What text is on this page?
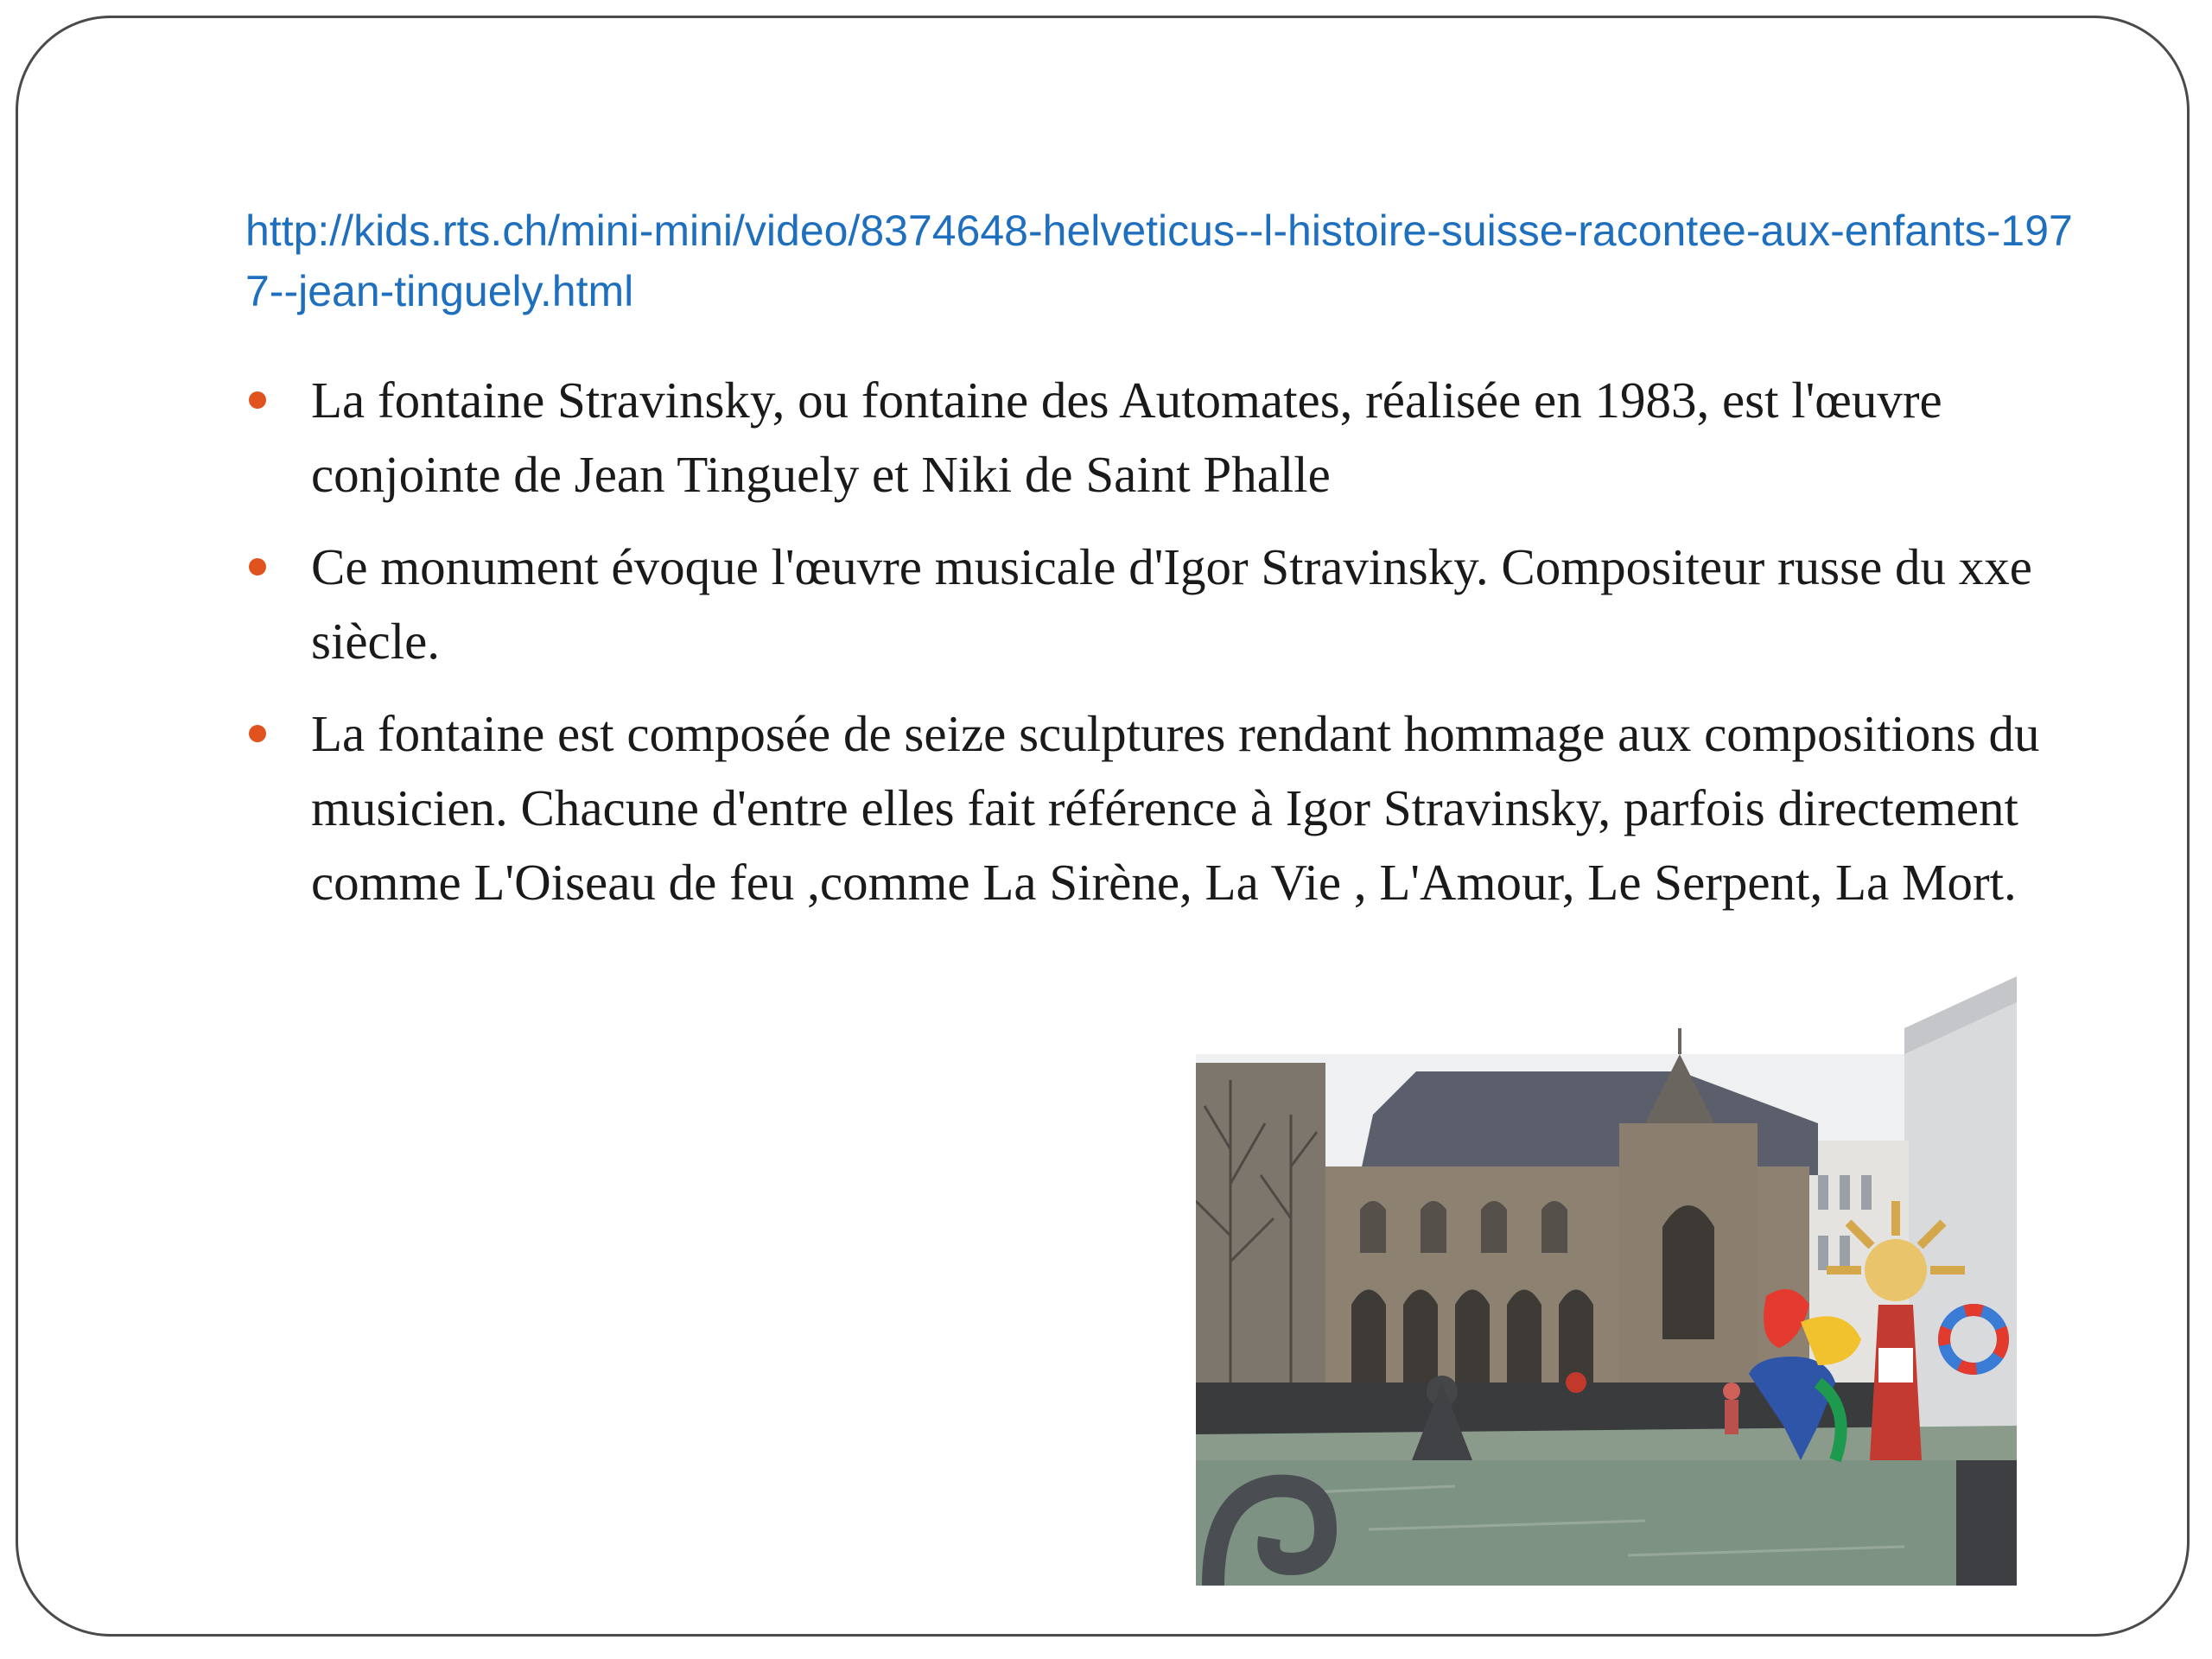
http://kids.rts.ch/mini-mini/video/8374648-helveticus--l-histoire-suisse-racontee-aux-enfants-1977--jean-tinguely.html
La fontaine Stravinsky, ou fontaine des Automates, réalisée en 1983, est l'œuvre conjointe de Jean Tinguely et Niki de Saint Phalle
Ce monument évoque l'œuvre musicale d'Igor Stravinsky. Compositeur russe du xxe siècle.
La fontaine est composée de seize sculptures rendant hommage aux compositions du musicien. Chacune d'entre elles fait référence à Igor Stravinsky, parfois directement comme L'Oiseau de feu ,comme La Sirène, La Vie , L'Amour, Le Serpent, La Mort.
